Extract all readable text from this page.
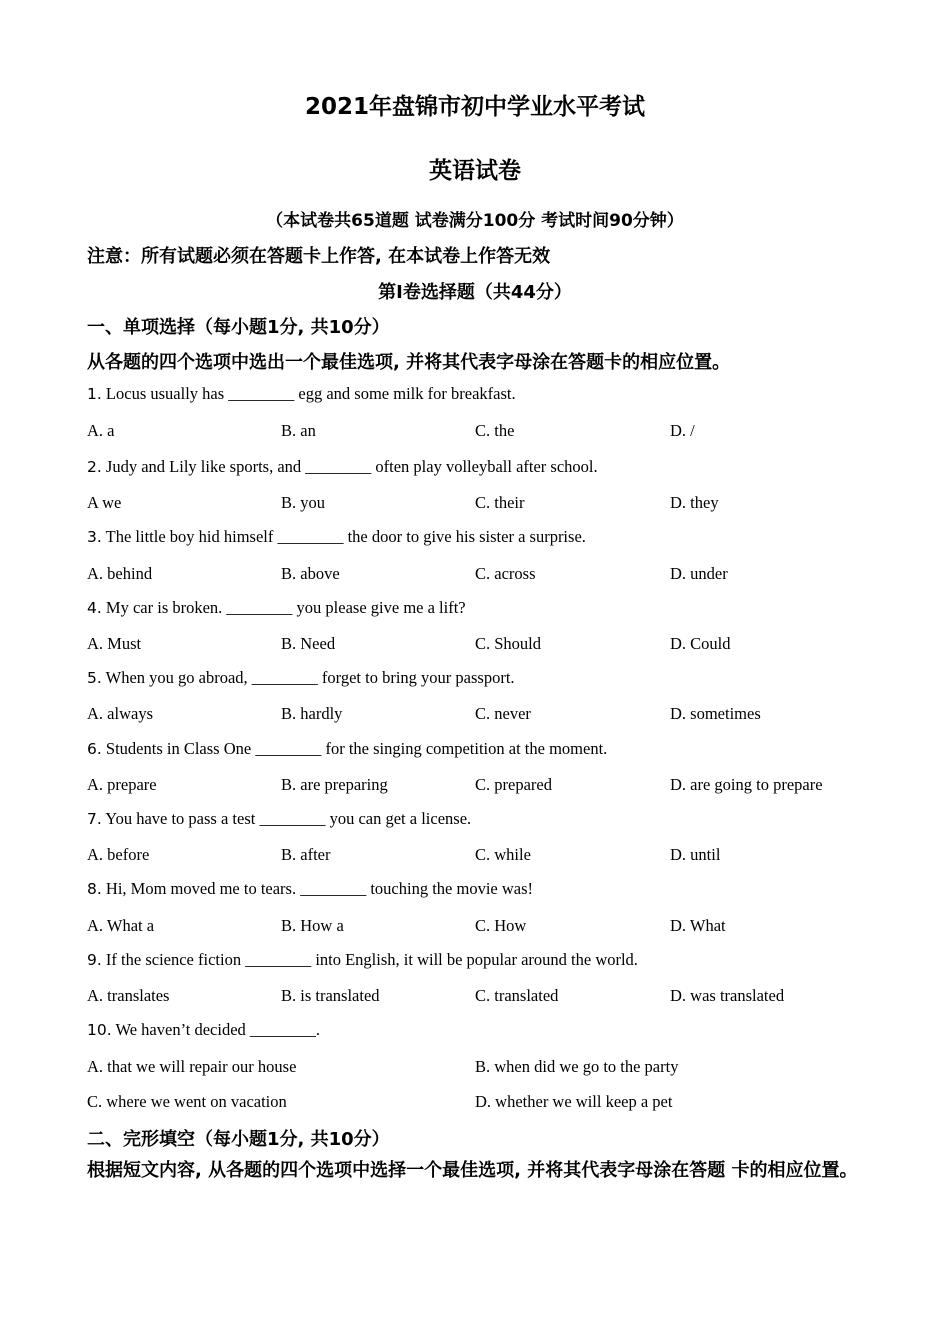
2021年盘锦市初中学业水平考试
英语试卷
（本试卷共65道题 试卷满分100分 考试时间90分钟）
注意：所有试题必须在答题卡上作答, 在本试卷上作答无效
第I卷选择题（共44分）
一、单项选择（每小题1分, 共10分）
从各题的四个选项中选出一个最佳选项, 并将其代表字母涂在答题卡的相应位置。
1. Locus usually has ________ egg and some milk for breakfast.
A. a	B. an	C. the	D. /
2. Judy and Lily like sports, and ________ often play volleyball after school.
A we	B. you	C. their	D. they
3. The little boy hid himself ________ the door to give his sister a surprise.
A. behind	B. above	C. across	D. under
4. My car is broken. ________ you please give me a lift?
A. Must	B. Need	C. Should	D. Could
5. When you go abroad, ________ forget to bring your passport.
A. always	B. hardly	C. never	D. sometimes
6. Students in Class One ________ for the singing competition at the moment.
A. prepare	B. are preparing	C. prepared	D. are going to prepare
7. You have to pass a test ________ you can get a license.
A. before	B. after	C. while	D. until
8. Hi, Mom moved me to tears. ________ touching the movie was!
A. What a	B. How a	C. How	D. What
9. If the science fiction ________ into English, it will be popular around the world.
A. translates	B. is translated	C. translated	D. was translated
10. We haven’t decided ________.
A. that we will repair our house	B. when did we go to the party
C. where we went on vacation	D. whether we will keep a pet
二、完形填空（每小题1分, 共10分）
根据短文内容, 从各题的四个选项中选择一个最佳选项, 并将其代表字母涂在答题 卡的相应位置。
